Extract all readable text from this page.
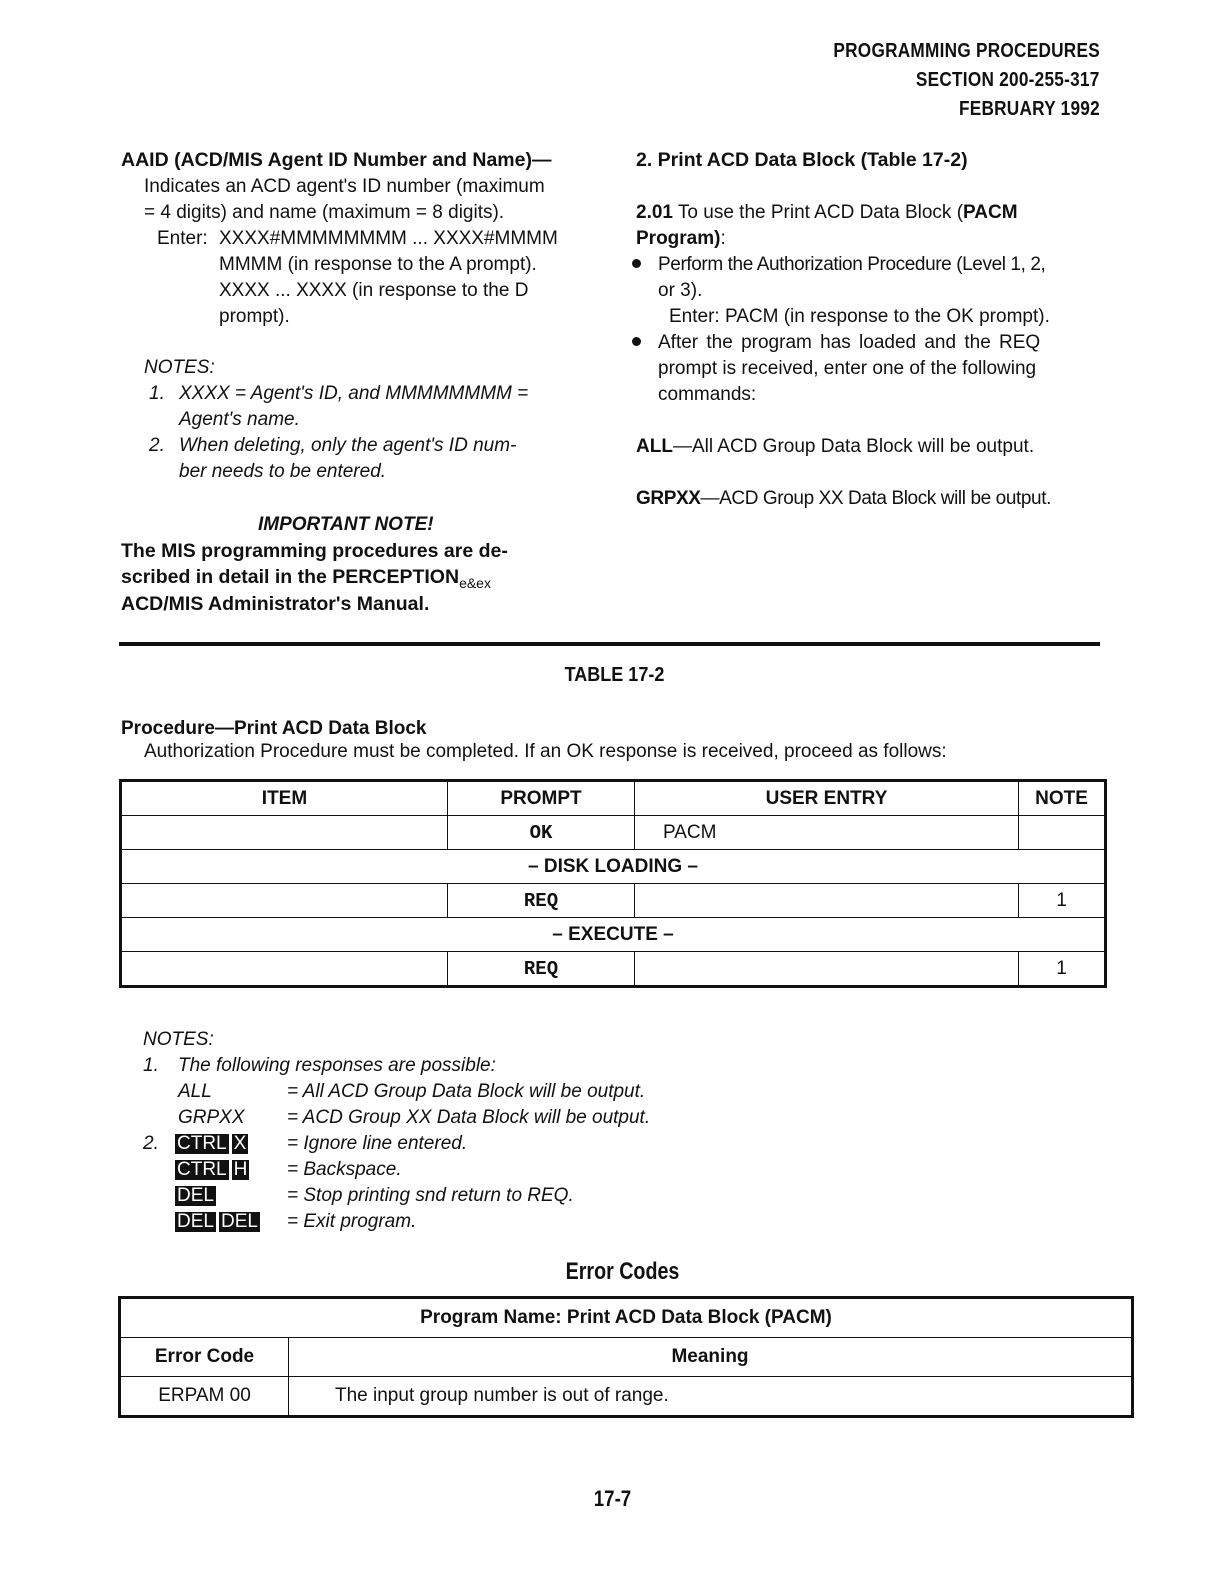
PROGRAMMING PROCEDURES
SECTION 200-255-317
FEBRUARY 1992
AAID (ACD/MIS Agent ID Number and Name)—
Indicates an ACD agent's ID number (maximum
= 4 digits) and name (maximum = 8 digits).
Enter: XXXX#MMMMMMMM ... XXXX#MMMM
MMMM (in response to the A prompt).
XXXX ... XXXX (in response to the D
prompt).
NOTES:
1. XXXX = Agent's ID, and MMMMMMMM =
Agent's name.
2. When deleting, only the agent's ID num-
ber needs to be entered.
IMPORTANT NOTE!
The MIS programming procedures are de-
scribed in detail in the $PERCEPTION_{e\&ex}$
ACD/MIS Administrator's Manual.
2. Print ACD Data Block (Table 17-2)
2.01 To use the Print ACD Data Block (PACM
Program):
Perform the Authorization Procedure (Level 1, 2,
or 3).
Enter: PACM (in response to the OK prompt).
After the program has loaded and the REQ
prompt is received, enter one of the following
commands:
ALL—All ACD Group Data Block will be output.
GRPXX—ACD Group XX Data Block will be output.
TABLE 17-2
Procedure—Print ACD Data Block
Authorization Procedure must be completed. If an OK response is received, proceed as follows:
ITEM	PROMPT	USER ENTRY	NOTE
	OK	PACM	
– DISK LOADING –			
	REQ		1
– EXECUTE –			
	REQ		1
NOTES:
1. The following responses are possible:
ALL	= All ACD Group Data Block will be output.
GRPXX = ACD Group XX Data Block will be output.
2. CTRL X = Ignore line entered.
CTRL H = Backspace.
DEL	= Stop printing snd return to REQ.
DEL DEL = Exit program.
Error Codes
Program Name: Print ACD Data Block (PACM)	
Error Code	Meaning
ERPAM 00	The input group number is out of range.
17-7
